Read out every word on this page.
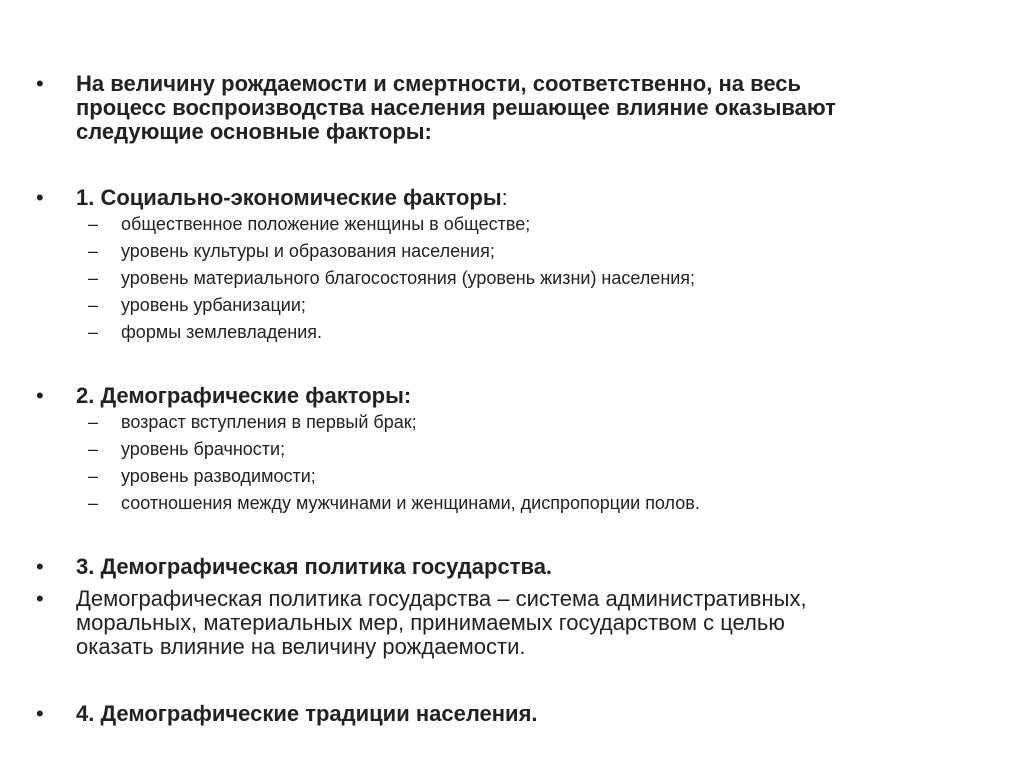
• На величину рождаемости и смертности, соответственно, на весь
процесс воспроизводства населения решающее влияние оказывают
следующие основные факторы:
• 1. Социально-экономические факторы:
– общественное положение женщины в обществе;
– уровень культуры и образования населения;
– уровень материального благосостояния (уровень жизни) населения;
– уровень урбанизации;
– формы землевладения.
• 2. Демографические факторы:
– возраст вступления в первый брак;
– уровень брачности;
– уровень разводимости;
– соотношения между мужчинами и женщинами, диспропорции полов.
• 3. Демографическая политика государства.
• Демографическая политика государства – система административных,
моральных, материальных мер, принимаемых государством с целью
оказать влияние на величину рождаемости.
• 4. Демографические традиции населения.
